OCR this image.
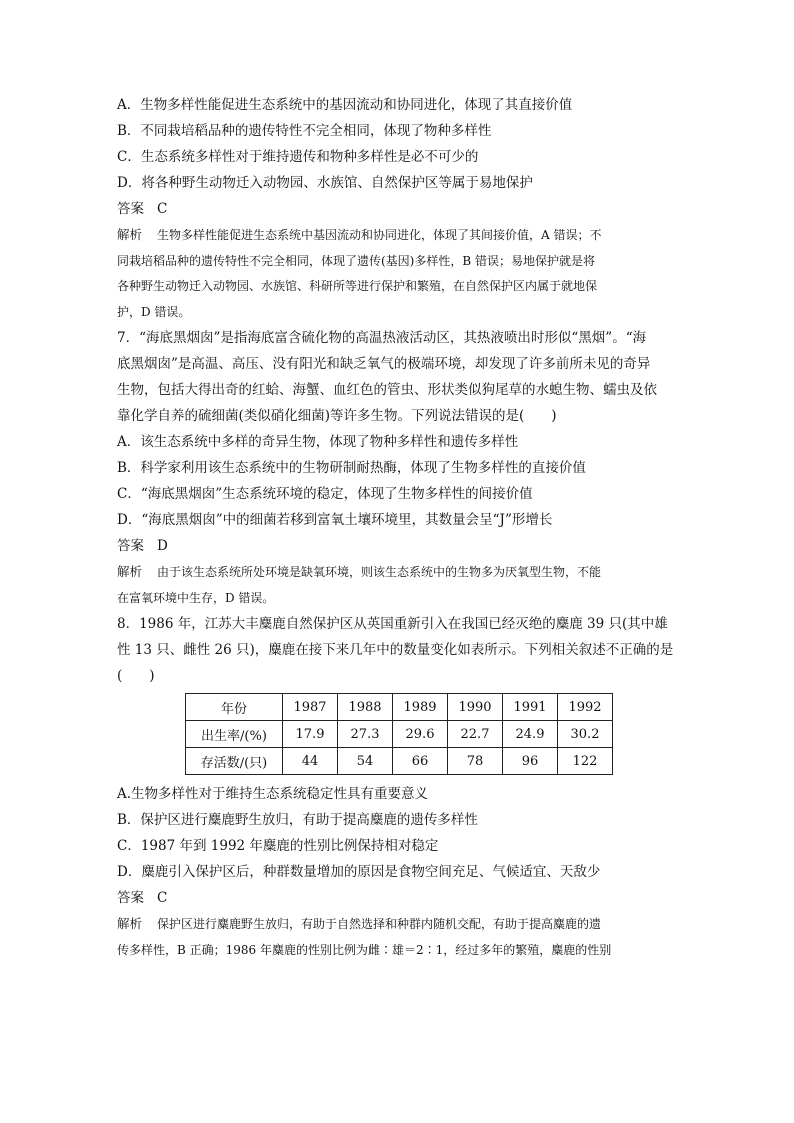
A．生物多样性能促进生态系统中的基因流动和协同进化，体现了其直接价值
B．不同栽培稻品种的遗传特性不完全相同，体现了物种多样性
C．生态系统多样性对于维持遗传和物种多样性是必不可少的
D．将各种野生动物迁入动物园、水族馆、自然保护区等属于易地保护
答案 C
解析 生物多样性能促进生态系统中基因流动和协同进化，体现了其间接价值，A 错误；不
同栽培稻品种的遗传特性不完全相同，体现了遗传(基因)多样性，B 错误；易地保护就是将
各种野生动物迁入动物园、水族馆、科研所等进行保护和繁殖，在自然保护区内属于就地保
护，D 错误。
7．“海底黑烟囱”是指海底富含硫化物的高温热液活动区，其热液喷出时形似“黑烟”。“海
底黑烟囱”是高温、高压、没有阳光和缺乏氧气的极端环境，却发现了许多前所未见的奇异
生物，包括大得出奇的红蛤、海蟹、血红色的管虫、形状类似狗尾草的水螅生物、蠕虫及依
靠化学自养的硫细菌(类似硝化细菌)等许多生物。下列说法错误的是(　　)
A．该生态系统中多样的奇异生物，体现了物种多样性和遗传多样性
B．科学家利用该生态系统中的生物研制耐热酶，体现了生物多样性的直接价值
C．“海底黑烟囱”生态系统环境的稳定，体现了生物多样性的间接价值
D．“海底黑烟囱”中的细菌若移到富氧土壤环境里，其数量会呈“J”形增长
答案 D
解析 由于该生态系统所处环境是缺氧环境，则该生态系统中的生物多为厌氧型生物，不能
在富氧环境中生存，D 错误。
8．1986 年，江苏大丰麋鹿自然保护区从英国重新引入在我国已经灭绝的麋鹿 39 只(其中雄
性 13 只、雌性 26 只)，麋鹿在接下来几年中的数量变化如表所示。下列相关叙述不正确的是
(　　)
年份	1987	1988	1989	1990	1991	1992
出生率/(%)	17.9	27.3	29.6	22.7	24.9	30.2
存活数/(只)	44	54	66	78	96	122
A.生物多样性对于维持生态系统稳定性具有重要意义
B．保护区进行麋鹿野生放归，有助于提高麋鹿的遗传多样性
C．1987 年到 1992 年麋鹿的性别比例保持相对稳定
D．麋鹿引入保护区后，种群数量增加的原因是食物空间充足、气候适宜、天敌少
答案 C
解析 保护区进行麋鹿野生放归，有助于自然选择和种群内随机交配，有助于提高麋鹿的遗
传多样性，B 正确；1986 年麋鹿的性别比例为雌∶雄＝2∶1，经过多年的繁殖，麋鹿的性别
